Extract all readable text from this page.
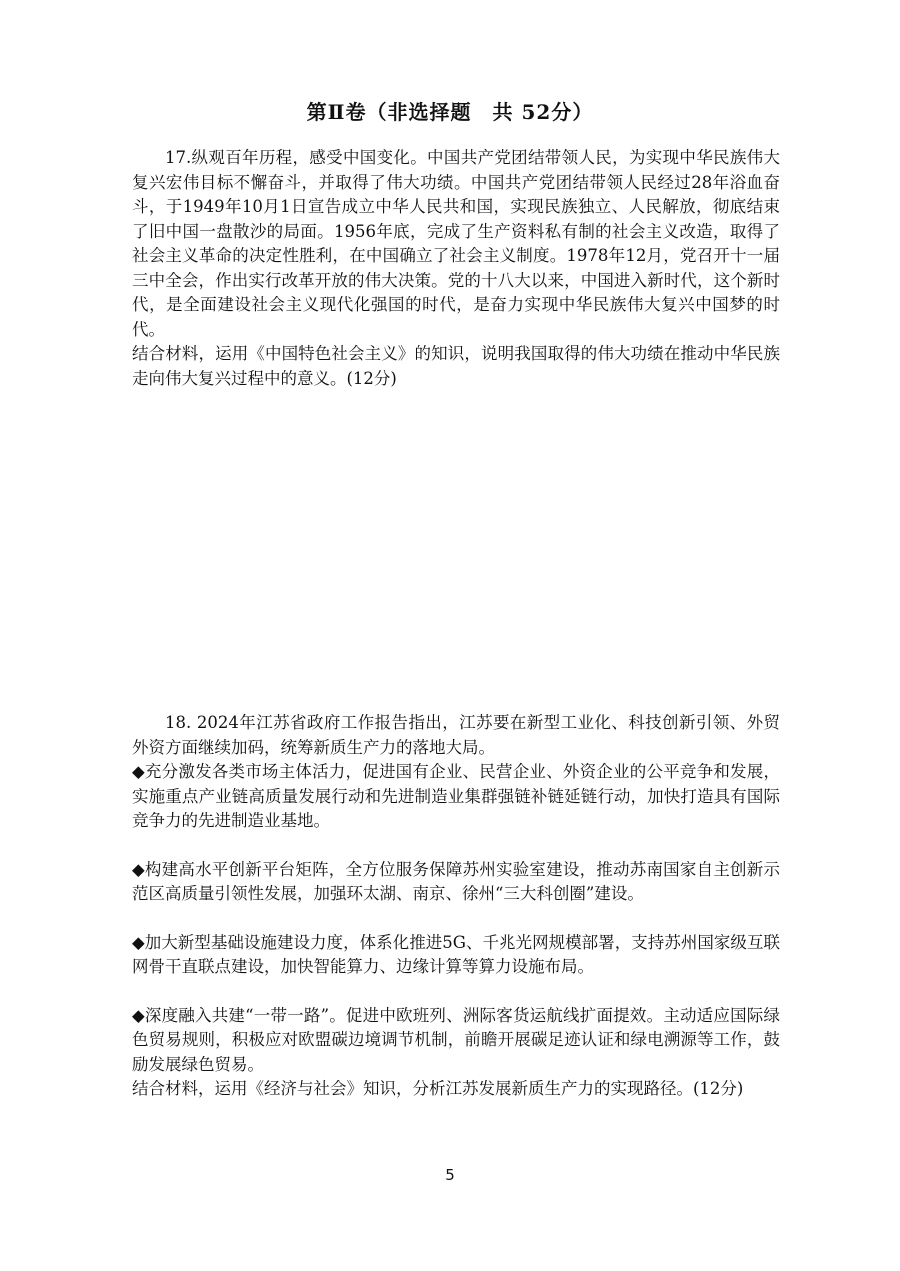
第Ⅱ卷（非选择题　共 52分）

17.纵观百年历程，感受中国变化。中国共产党团结带领人民，为实现中华民族伟大复兴宏伟目标不懈奋斗，并取得了伟大功绩。中国共产党团结带领人民经过28年浴血奋斗，于1949年10月1日宣告成立中华人民共和国，实现民族独立、人民解放，彻底结束了旧中国一盘散沙的局面。1956年底，完成了生产资料私有制的社会主义改造，取得了社会主义革命的决定性胜利，在中国确立了社会主义制度。1978年12月，党召开十一届三中全会，作出实行改革开放的伟大决策。党的十八大以来，中国进入新时代，这个新时代，是全面建设社会主义现代化强国的时代，是奋力实现中华民族伟大复兴中国梦的时代。

结合材料，运用《中国特色社会主义》的知识，说明我国取得的伟大功绩在推动中华民族走向伟大复兴过程中的意义。(12分)

18. 2024年江苏省政府工作报告指出，江苏要在新型工业化、科技创新引领、外贸外资方面继续加码，统筹新质生产力的落地大局。

◆充分激发各类市场主体活力，促进国有企业、民营企业、外资企业的公平竞争和发展，实施重点产业链高质量发展行动和先进制造业集群强链补链延链行动，加快打造具有国际竞争力的先进制造业基地。

◆构建高水平创新平台矩阵，全方位服务保障苏州实验室建设，推动苏南国家自主创新示范区高质量引领性发展，加强环太湖、南京、徐州“三大科创圈”建设。

◆加大新型基础设施建设力度，体系化推进5G、千兆光网规模部署，支持苏州国家级互联网骨干直联点建设，加快智能算力、边缘计算等算力设施布局。

◆深度融入共建“一带一路”。促进中欧班列、洲际客货运航线扩面提效。主动适应国际绿色贸易规则，积极应对欧盟碳边境调节机制，前瞻开展碳足迹认证和绿电溯源等工作，鼓励发展绿色贸易。

结合材料，运用《经济与社会》知识，分析江苏发展新质生产力的实现路径。(12分)

5
